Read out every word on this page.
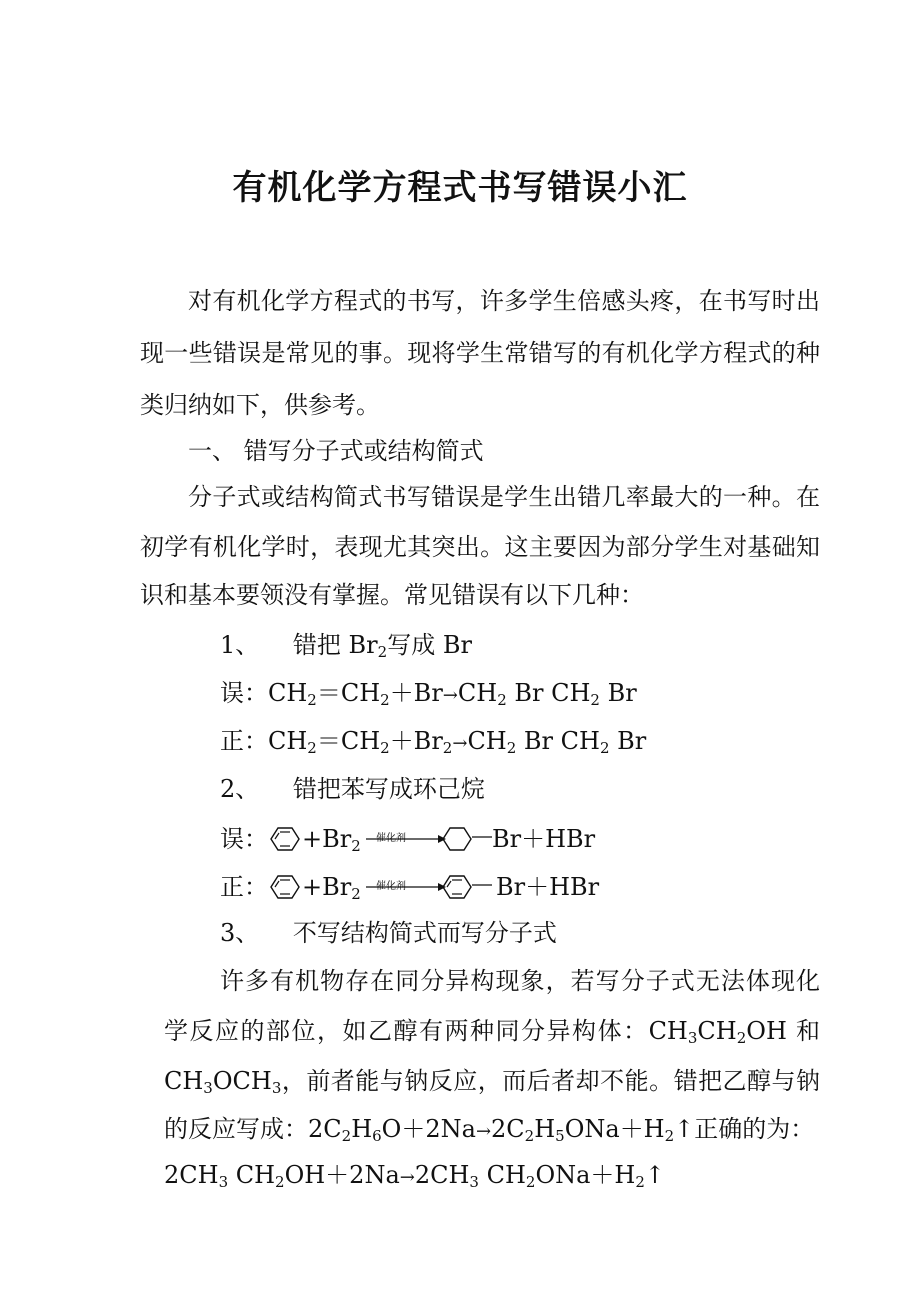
有机化学方程式书写错误小汇
对有机化学方程式的书写，许多学生倍感头疼，在书写时出
现一些错误是常见的事。现将学生常错写的有机化学方程式的种
类归纳如下，供参考。
一、 错写分子式或结构简式
分子式或结构简式书写错误是学生出错几率最大的一种。在
初学有机化学时，表现尤其突出。这主要因为部分学生对基础知
识和基本要领没有掌握。常见错误有以下几种：
1、 错把 $Br_2$写成 Br
误：$CH_2=CH_2+Br\to CH_2$ Br $CH_2$ Br
正：$CH_2=CH_2+Br_2\to CH_2$ Br $CH_2$ Br
2、 错把苯写成环己烷
误： $+Br_2$ 催化剂	Br＋HBr
正： $+Br_2$ 催化剂	Br＋HBr
3、 不写结构简式而写分子式
许多有机物存在同分异构现象，若写分子式无法体现化
学反应的部位，如乙醇有两种同分异构体：$CH_3CH_2OH$ 和
$CH_3OCH_3$，前者能与钠反应，而后者却不能。错把乙醇与钠
的反应写成：$2C_2H_6O+2Na\to 2C_2H_5ONa+H_2↑$正确的为：
$2CH_3$ $CH_2OH+2Na\to 2CH_3$ $CH_2ONa+H_2↑$
